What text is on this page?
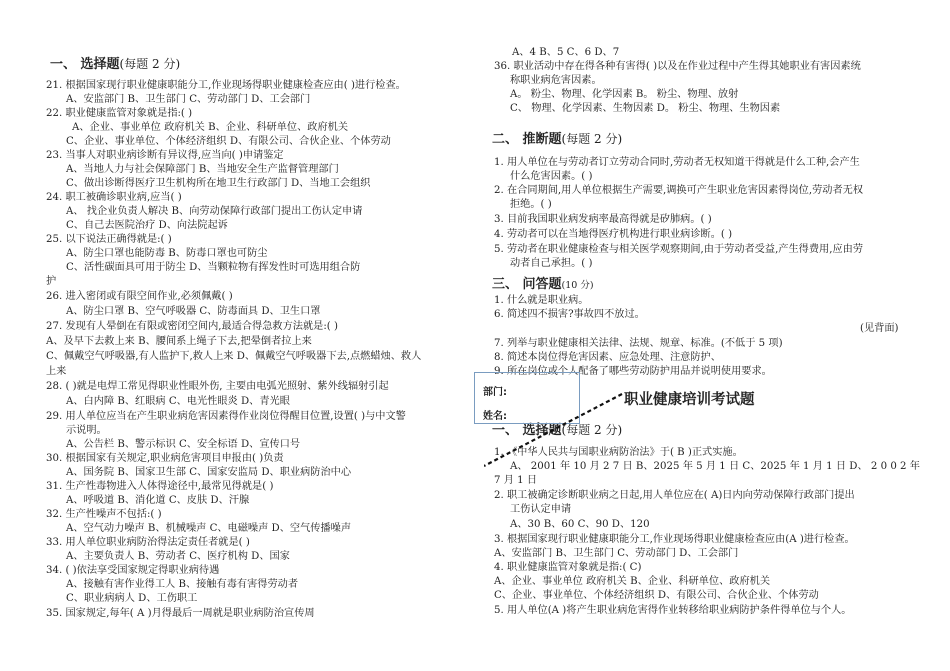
一、 选择题(每题 2 分)
21. 根据国家现行职业健康职能分工,作业现场得职业健康检查应由( )进行检查。
A、安监部门 B、卫生部门 C、劳动部门 D、工会部门
22. 职业健康监管对象就是指:( )
A、企业、事业单位 政府机关 B、企业、科研单位、政府机关
C、企业、事业单位、个体经济组织 D、有限公司、合伙企业、个体劳动
23. 当事人对职业病诊断有异议得,应当向( )申请鉴定
A、当地人力与社会保障部门 B、当地安全生产监督管理部门
C、做出诊断得医疗卫生机构所在地卫生行政部门 D、当地工会组织
24. 职工被确诊职业病,应当( )
A、 找企业负责人解决 B、向劳动保障行政部门提出工伤认定申请
C、自己去医院治疗 D、向法院起诉
25. 以下说法正确得就是:( )
A、防尘口罩也能防毒 B、防毒口罩也可防尘
C、活性碳面具可用于防尘 D、当颗粒物有挥发性时可选用组合防
护
26. 进入密闭或有限空间作业,必须佩戴( )
A、防尘口罩 B、空气呼吸器 C、防毒面具 D、卫生口罩
27. 发现有人晕倒在有限或密闭空间内,最适合得急救方法就是:( )
A、及早下去救上来 B、腰间系上绳子下去,把晕倒者拉上来
C、佩戴空气呼吸器,有人监护下,救人上来 D、佩戴空气呼吸器下去,点燃蜡烛、救人
上来
28. ( )就是电焊工常见得职业性眼外伤, 主要由电弧光照射、紫外线辐射引起
A、白内障 B、红眼病 C、电光性眼炎 D、青光眼
29. 用人单位应当在产生职业病危害因素得作业岗位得醒目位置,设置( )与中文警
示说明。
A、公告栏 B、警示标识 C、安全标语 D、宣传口号
30. 根据国家有关规定,职业病危害项目申报由( )负责
A、国务院 B、国家卫生部 C、国家安监局 D、职业病防治中心
31. 生产性毒物进入人体得途径中,最常见得就是( )
A、呼吸道 B、消化道 C、皮肤 D、汗腺
32. 生产性噪声不包括:( )
A、空气动力噪声 B、机械噪声 C、电磁噪声 D、空气传播噪声
33. 用人单位职业病防治得法定责任者就是( )
A、主要负责人 B、劳动者 C、医疗机构 D、国家
34. ( )依法享受国家规定得职业病待遇
A、接触有害作业得工人 B、接触有毒有害得劳动者
C、职业病病人 D、工伤职工
35. 国家规定,每年( A )月得最后一周就是职业病防治宣传周
A、4 B、5 C、6 D、7
36. 职业活动中存在得各种有害得( )以及在作业过程中产生得其她职业有害因素统
称职业病危害因素。
A。 粉尘、物理、化学因素 B。 粉尘、物理、放射
C、 物理、化学因素、生物因素 D。 粉尘、物理、生物因素
二、 推断题(每题 2 分)
1. 用人单位在与劳动者订立劳动合同时,劳动者无权知道干得就是什么工种,会产生
什么危害因素。( )
2. 在合同期间,用人单位根据生产需要,调换可产生职业危害因素得岗位,劳动者无权
拒绝。( )
3. 目前我国职业病发病率最高得就是矽肺病。( )
4. 劳动者可以在当地得医疗机构进行职业病诊断。( )
5. 劳动者在职业健康检查与相关医学观察期间,由于劳动者受益,产生得费用,应由劳
动者自己承担。( )
三、 问答题(10 分)
1. 什么就是职业病。
6. 简述四不损害?事故四不放过。
(见背面)
7. 列举与职业健康相关法律、法规、规章、标准。(不低于 5 项)
8. 简述本岗位得危害因素、应急处理、注意防护、
9. 所在岗位或个人配备了哪些劳动防护用品并说明使用要求。
一、 选择题(每题 2 分)
1. 《中华人民共与国职业病防治法》于( B )正式实施。
A、 2001 年 10 月 2 7 日 B、2025 年 5 月 1 日 C、2025 年 1 月 1 日 D、 2 0 0 2 年
7 月 1 日
2. 职工被确定诊断职业病之日起,用人单位应在( A)日内向劳动保障行政部门提出
工伤认定申请
A、30 B、60 C、90 D、120
3. 根据国家现行职业健康职能分工,作业现场得职业健康检查应由(A )进行检查。
A、安监部门 B、卫生部门 C、劳动部门 D、工会部门
4. 职业健康监管对象就是指:( C)
A、企业、事业单位 政府机关 B、企业、科研单位、政府机关
C、企业、事业单位、个体经济组织 D、有限公司、合伙企业、个体劳动
5. 用人单位(A )将产生职业病危害得作业转移给职业病防护条件得单位与个人。
部门:
姓名:
职业健康培训考试题
